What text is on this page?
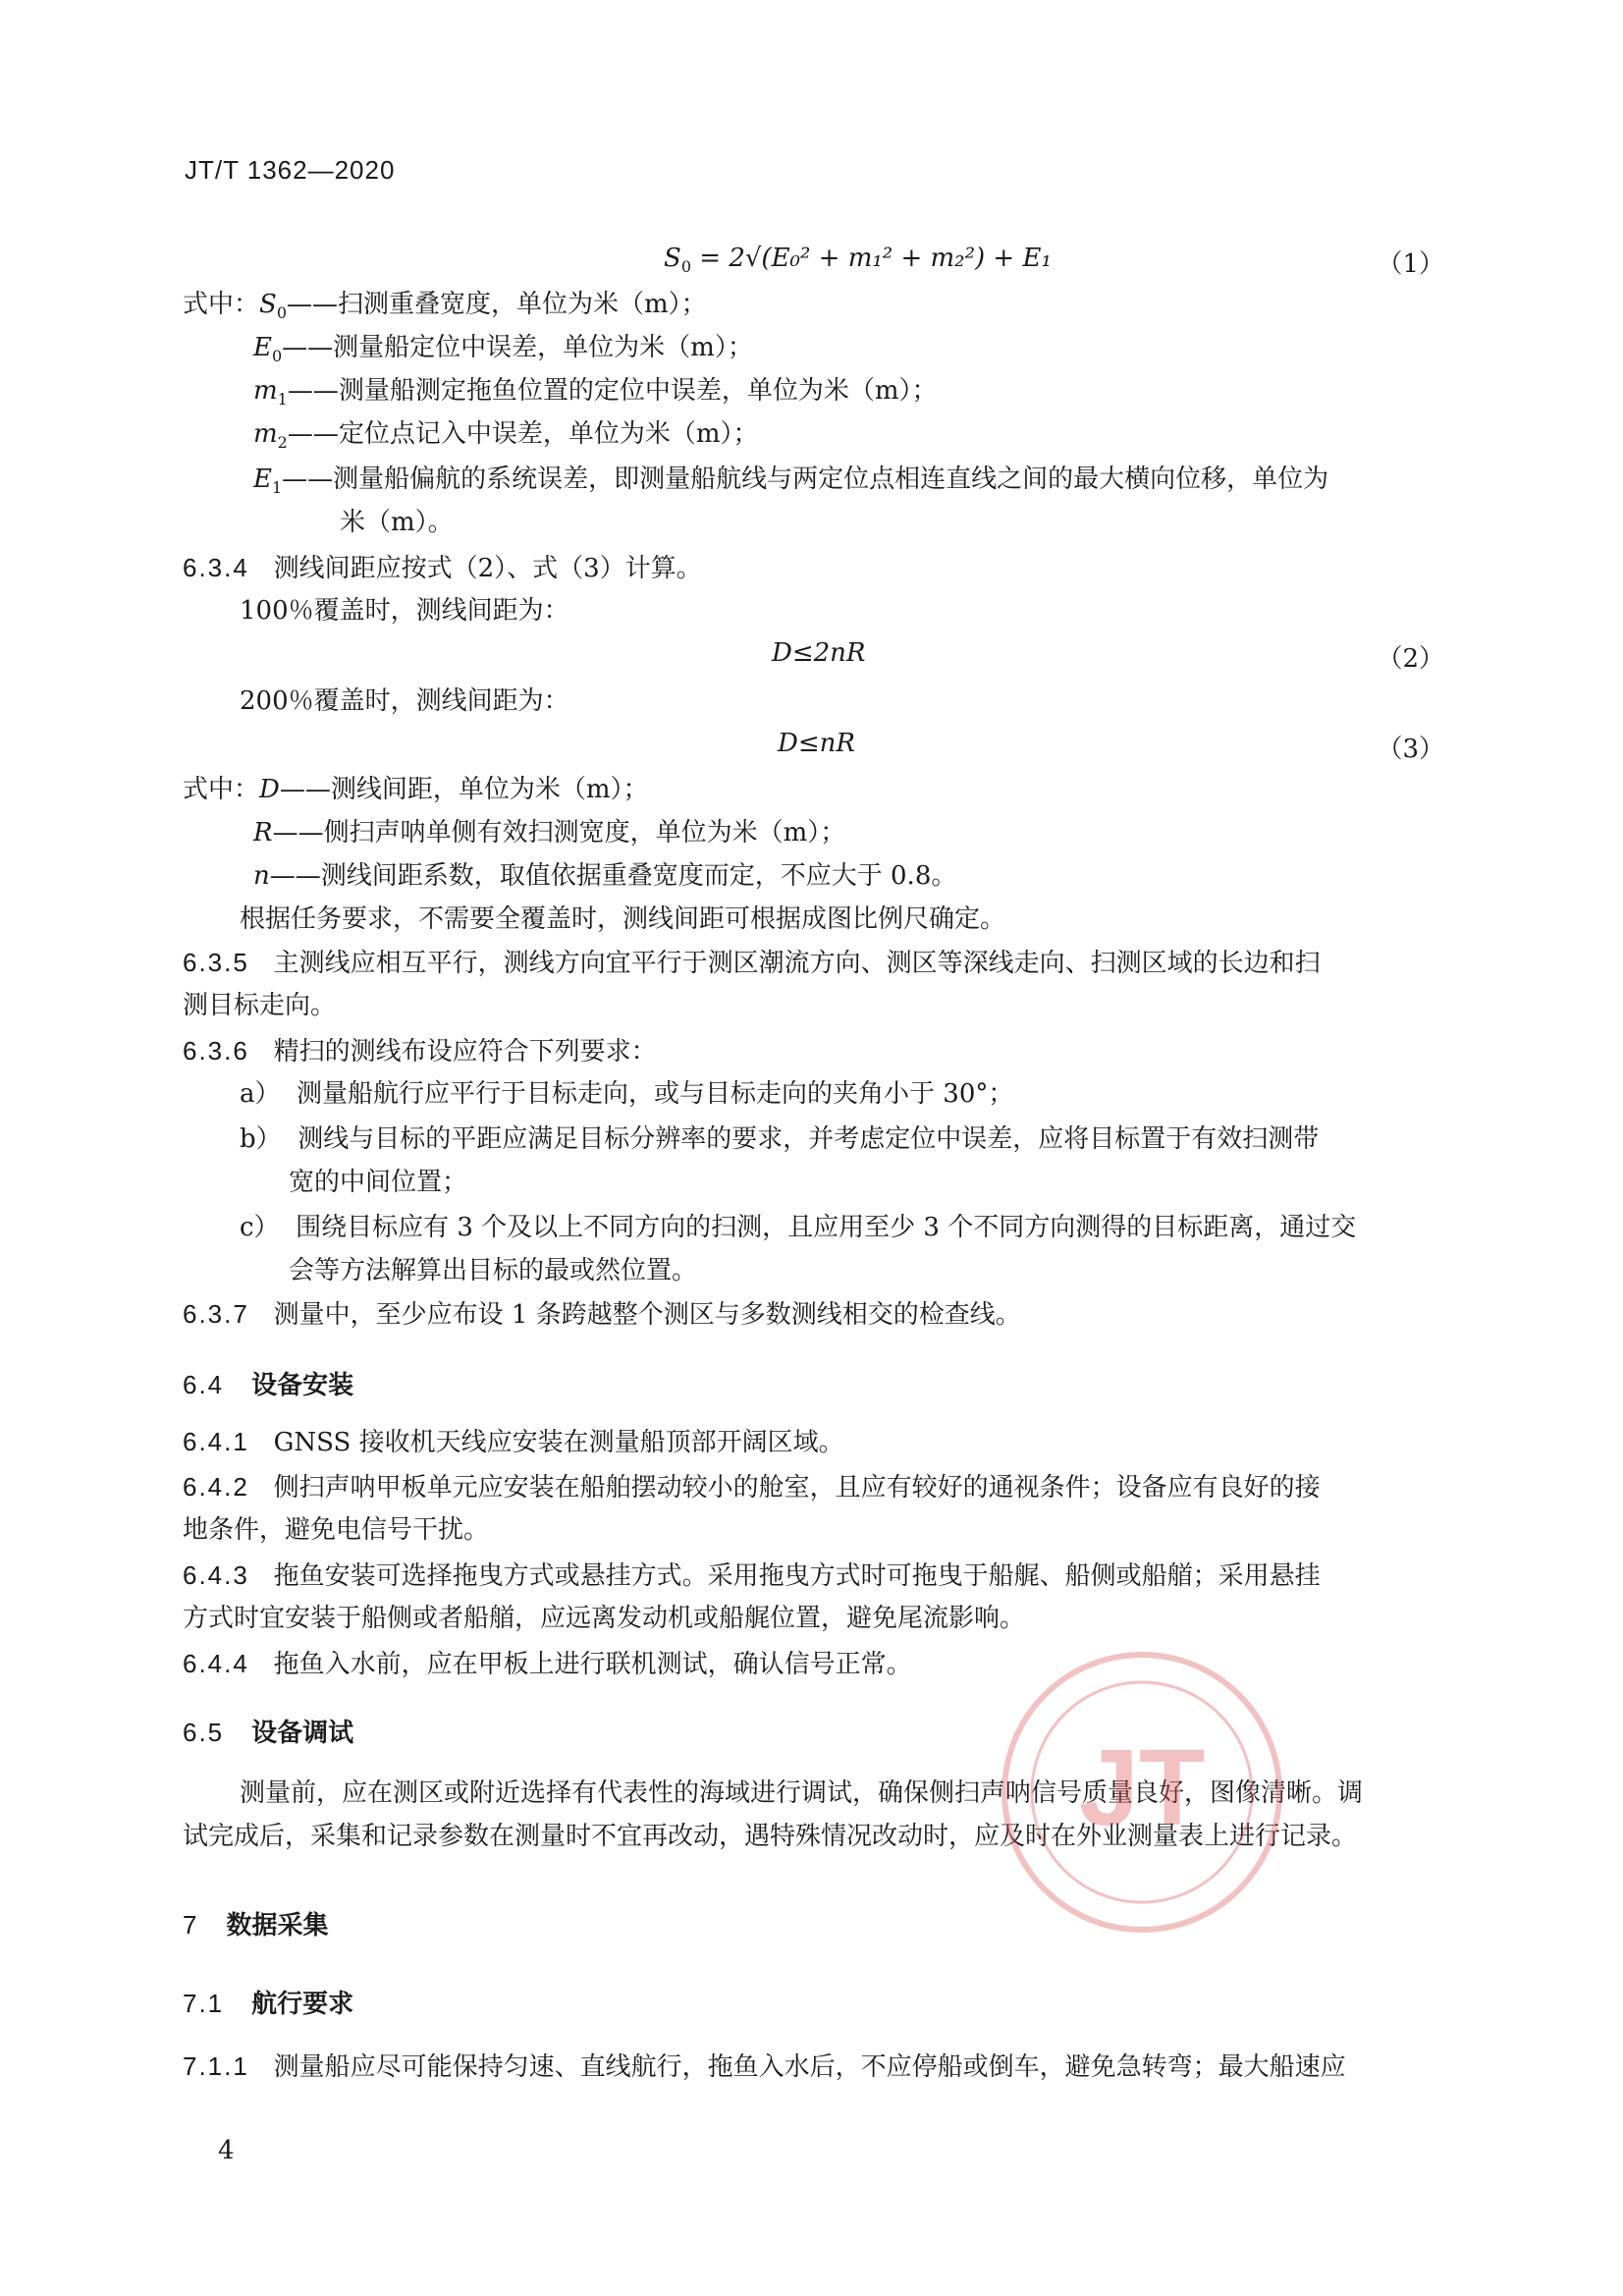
JT/T 1362—2020
$S_0 = 2√(E_0^2 + m_1^2 + m_2^2) + E_1$	（1）
式中：$S_0——$扫测重叠宽度，单位为米（m）；
$E_0——$测量船定位中误差，单位为米（m）；
$m_1——$测量船测定拖鱼位置的定位中误差，单位为米（m）；
$m_2——$定位点记入中误差，单位为米（m）；
$E_1——$测量船偏航的系统误差，即测量船航线与两定位点相连直线之间的最大横向位移，单位为
米（m）。
6.3.4 测线间距应按式（2）、式（3）计算。
100％覆盖时，测线间距为：
D≤2nR	（2）
200％覆盖时，测线间距为：
D≤nR	（3）
式中：D——测线间距，单位为米（m）；
R——侧扫声呐单侧有效扫测宽度，单位为米（m）；
n——测线间距系数，取值依据重叠宽度而定，不应大于 0.8。
根据任务要求，不需要全覆盖时，测线间距可根据成图比例尺确定。
6.3.5 主测线应相互平行，测线方向宜平行于测区潮流方向、测区等深线走向、扫测区域的长边和扫
测目标走向。
6.3.6 精扫的测线布设应符合下列要求：
a） 测量船航行应平行于目标走向，或与目标走向的夹角小于 30°；
b） 测线与目标的平距应满足目标分辨率的要求，并考虑定位中误差，应将目标置于有效扫测带
宽的中间位置；
c） 围绕目标应有 3 个及以上不同方向的扫测，且应用至少 3 个不同方向测得的目标距离，通过交
会等方法解算出目标的最或然位置。
6.3.7 测量中，至少应布设 1 条跨越整个测区与多数测线相交的检查线。
6.4 设备安装
6.4.1 GNSS 接收机天线应安装在测量船顶部开阔区域。
6.4.2 侧扫声呐甲板单元应安装在船舶摆动较小的舱室，且应有较好的通视条件；设备应有良好的接
地条件，避免电信号干扰。
6.4.3 拖鱼安装可选择拖曳方式或悬挂方式。采用拖曳方式时可拖曳于船艉、船侧或船艏；采用悬挂
方式时宜安装于船侧或者船艏，应远离发动机或船艉位置，避免尾流影响。
6.4.4 拖鱼入水前，应在甲板上进行联机测试，确认信号正常。
6.5 设备调试
测量前，应在测区或附近选择有代表性的海域进行调试，确保侧扫声呐信号质量良好，图像清晰。调
试完成后，采集和记录参数在测量时不宜再改动，遇特殊情况改动时，应及时在外业测量表上进行记录。
7 数据采集
7.1 航行要求
7.1.1 测量船应尽可能保持匀速、直线航行，拖鱼入水后，不应停船或倒车，避免急转弯；最大船速应
4
JT
